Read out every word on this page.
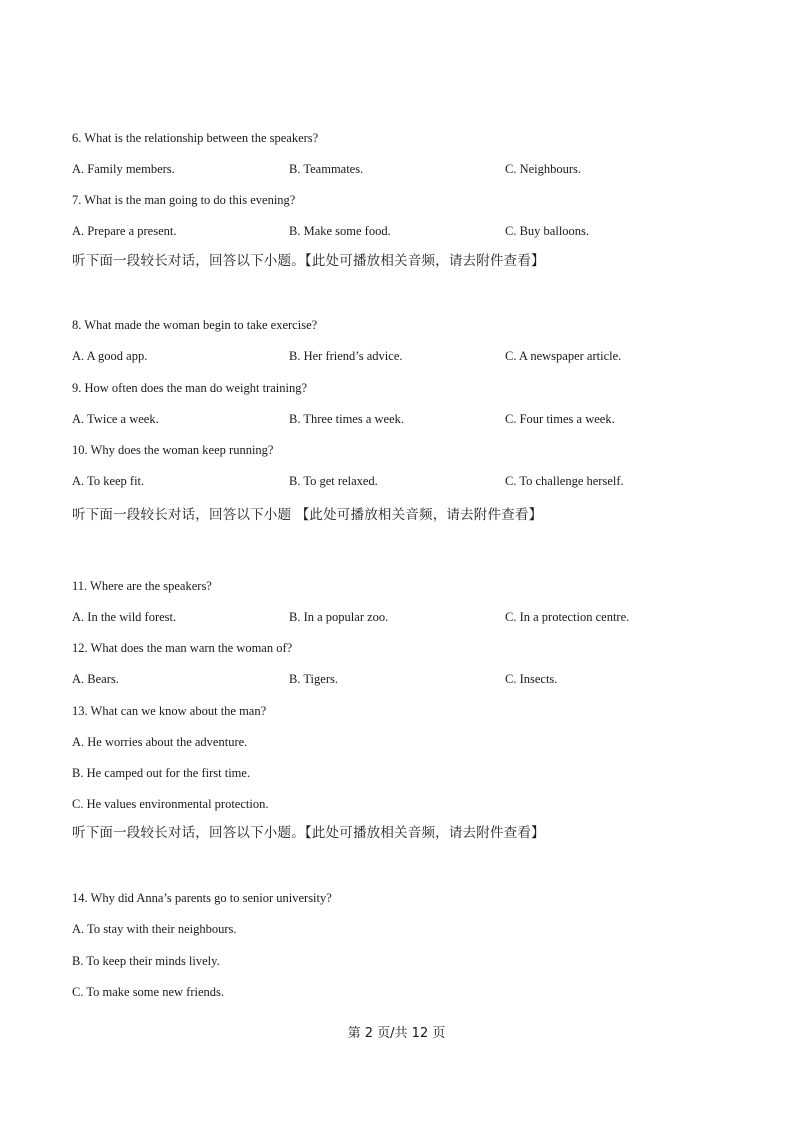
6. What is the relationship between the speakers?
A. Family members.	B. Teammates.	C. Neighbours.
7. What is the man going to do this evening?
A. Prepare a present.	B. Make some food.	C. Buy balloons.
听下面一段较长对话，回答以下小题。【此处可播放相关音频，请去附件查看】
8. What made the woman begin to take exercise?
A. A good app.	B. Her friend’s advice.	C. A newspaper article.
9. How often does the man do weight training?
A. Twice a week.	B. Three times a week.	C. Four times a week.
10. Why does the woman keep running?
A. To keep fit.	B. To get relaxed.	C. To challenge herself.
听下面一段较长对话，回答以下小题 【此处可播放相关音频，请去附件查看】
11. Where are the speakers?
A. In the wild forest.	B. In a popular zoo.	C. In a protection centre.
12. What does the man warn the woman of?
A. Bears.	B. Tigers.	C. Insects.
13. What can we know about the man?
A. He worries about the adventure.
B. He camped out for the first time.
C. He values environmental protection.
听下面一段较长对话，回答以下小题。【此处可播放相关音频，请去附件查看】
14. Why did Anna’s parents go to senior university?
A. To stay with their neighbours.
B. To keep their minds lively.
C. To make some new friends.
第 2 页/共 12 页
